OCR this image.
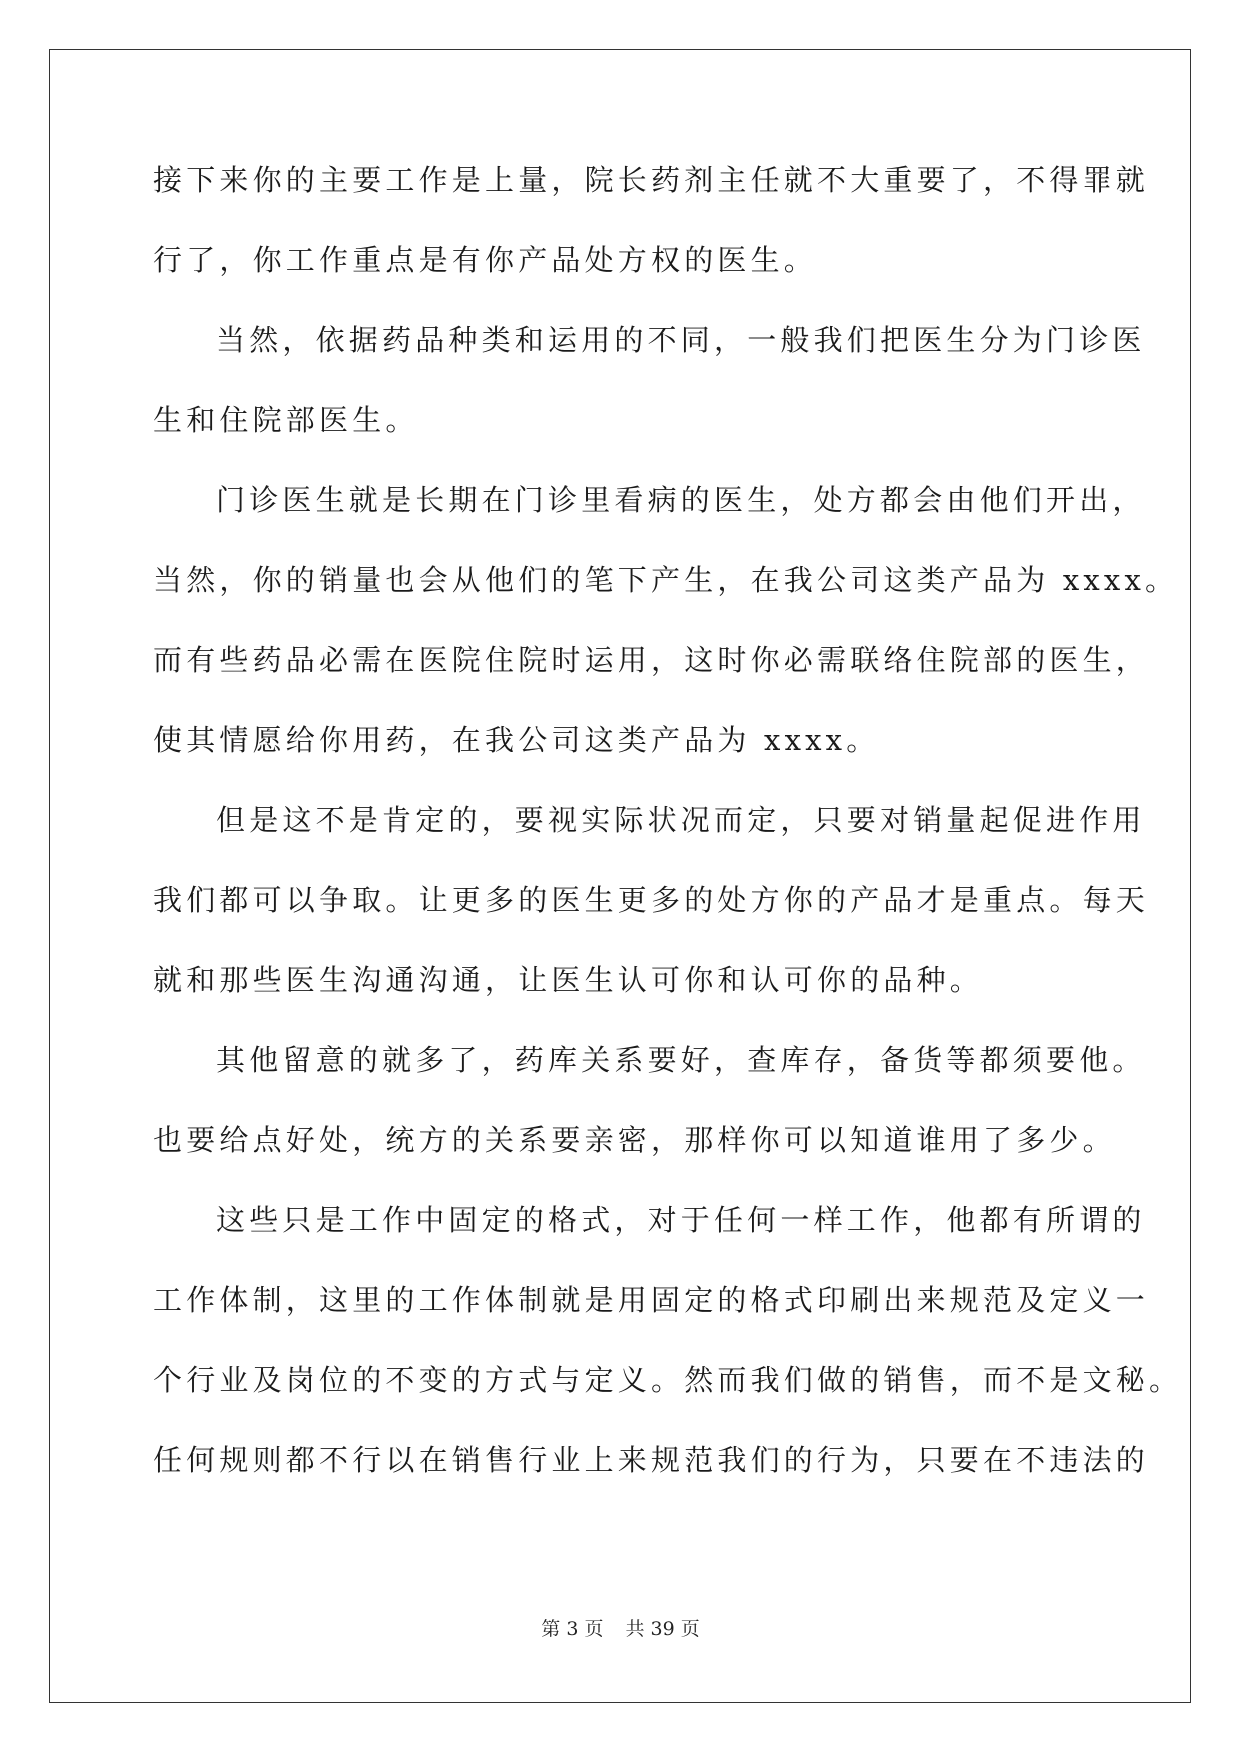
接下来你的主要工作是上量，院长药剂主任就不大重要了，不得罪就
行了，你工作重点是有你产品处方权的医生。
当然，依据药品种类和运用的不同，一般我们把医生分为门诊医
生和住院部医生。
门诊医生就是长期在门诊里看病的医生，处方都会由他们开出，
当然，你的销量也会从他们的笔下产生，在我公司这类产品为 xxxx。
而有些药品必需在医院住院时运用，这时你必需联络住院部的医生，
使其情愿给你用药，在我公司这类产品为 xxxx。
但是这不是肯定的，要视实际状况而定，只要对销量起促进作用
我们都可以争取。让更多的医生更多的处方你的产品才是重点。每天
就和那些医生沟通沟通，让医生认可你和认可你的品种。
其他留意的就多了，药库关系要好，查库存，备货等都须要他。
也要给点好处，统方的关系要亲密，那样你可以知道谁用了多少。
这些只是工作中固定的格式，对于任何一样工作，他都有所谓的
工作体制，这里的工作体制就是用固定的格式印刷出来规范及定义一
个行业及岗位的不变的方式与定义。然而我们做的销售，而不是文秘。
任何规则都不行以在销售行业上来规范我们的行为，只要在不违法的
第 3 页 共 39 页
